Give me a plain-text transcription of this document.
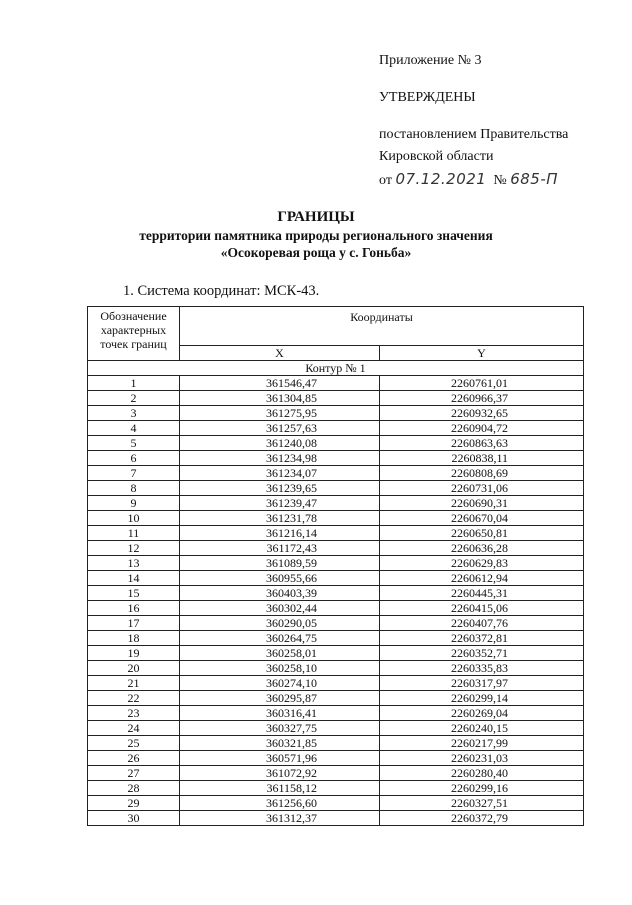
Приложение № 3
УТВЕРЖДЕНЫ
постановлением Правительства
Кировской области
от 07.12.2021 № 685-П
ГРАНИЦЫ
территории памятника природы регионального значения
«Осокоревая роща у с. Гоньба»
1. Система координат: МСК-43.
Обозначение характерных точек границ	Координаты	
	X	Y
Контур № 1		
1	361546,47	2260761,01
2	361304,85	2260966,37
3	361275,95	2260932,65
4	361257,63	2260904,72
5	361240,08	2260863,63
6	361234,98	2260838,11
7	361234,07	2260808,69
8	361239,65	2260731,06
9	361239,47	2260690,31
10	361231,78	2260670,04
11	361216,14	2260650,81
12	361172,43	2260636,28
13	361089,59	2260629,83
14	360955,66	2260612,94
15	360403,39	2260445,31
16	360302,44	2260415,06
17	360290,05	2260407,76
18	360264,75	2260372,81
19	360258,01	2260352,71
20	360258,10	2260335,83
21	360274,10	2260317,97
22	360295,87	2260299,14
23	360316,41	2260269,04
24	360327,75	2260240,15
25	360321,85	2260217,99
26	360571,96	2260231,03
27	361072,92	2260280,40
28	361158,12	2260299,16
29	361256,60	2260327,51
30	361312,37	2260372,79
